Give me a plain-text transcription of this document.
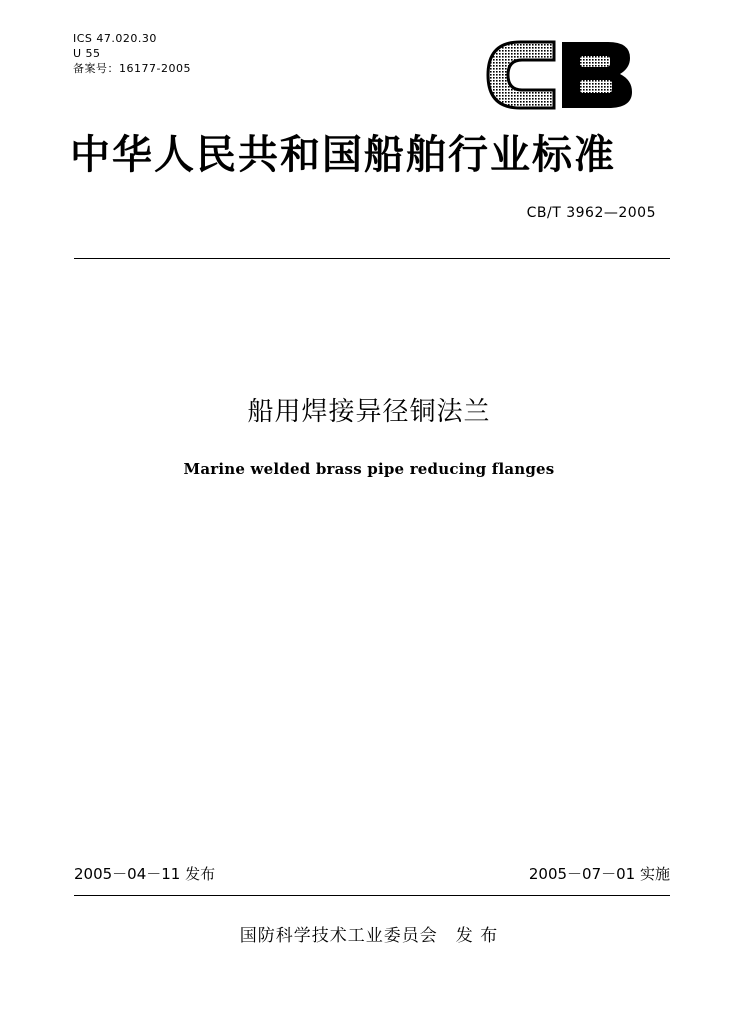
ICS 47.020.30
U 55
备案号：16177-2005
中华人民共和国船舶行业标准
CB/T 3962—2005
船用焊接异径铜法兰
Marine welded brass pipe reducing flanges
2005－04－11 发布	2005－07－01 实施
国防科学技术工业委员会　发 布
